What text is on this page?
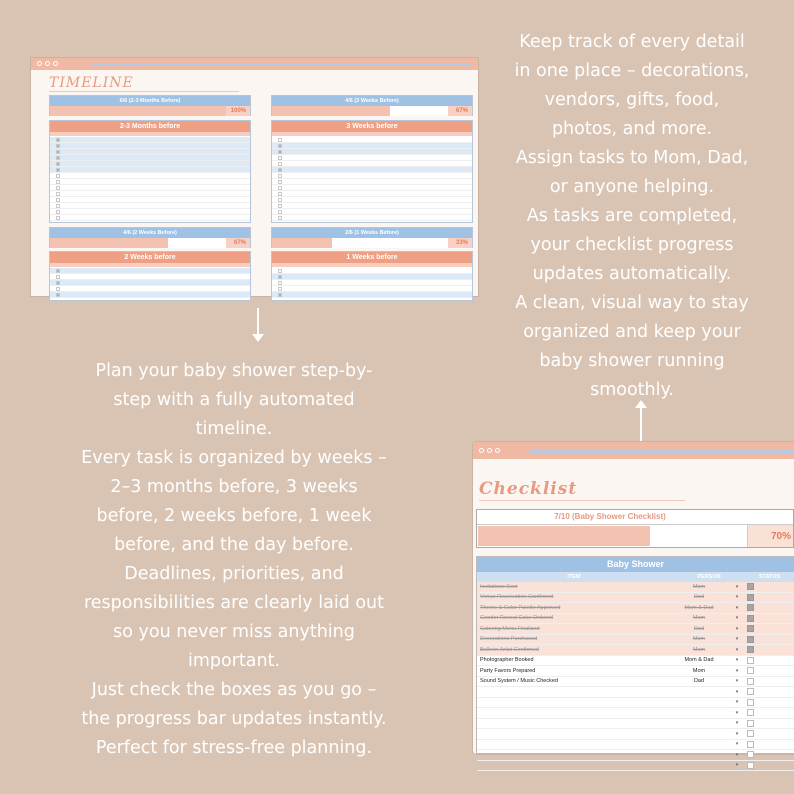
TIMELINE
6/6 (2-3 Months Before)
100%
2-3 Months before
4/6 (2 Weeks Before)
67%
2 Weeks before
4/6 (3 Weeks Before)
67%
3 Weeks before
2/6 (1 Weeks Before)
33%
1 Weeks before
Keep track of every detail
in one place – decorations,
vendors, gifts, food,
photos, and more.
Assign tasks to Mom, Dad,
or anyone helping.
As tasks are completed,
your checklist progress
updates automatically.
A clean, visual way to stay
organized and keep your
baby shower running
smoothly.
Plan your baby shower step-by-
step with a fully automated
timeline.
Every task is organized by weeks –
2–3 months before, 3 weeks
before, 2 weeks before, 1 week
before, and the day before.
Deadlines, priorities, and
responsibilities are clearly laid out
so you never miss anything
important.
Just check the boxes as you go –
the progress bar updates instantly.
Perfect for stress-free planning.
Checklist
7/10 (Baby Shower Checklist)
70%
Baby Shower
ITEM	PERSON	STATUS
Invitations Sent	Mom	▾
Venue Reservation Confirmed	Dad	▾
Theme & Color Palette Approved	Mom & Dad	▾
Gender Reveal Cake Ordered	Mom	▾
Catering Menu Finalized	Dad	▾
Decorations Purchased	Mom	▾
Balloon Artist Confirmed	Mom	▾
Photographer Booked	Mom & Dad	▾
Party Favors Prepared	Mom	▾
Sound System / Music Checked	Dad	▾
▾
▾
▾
▾
▾
▾
▾
▾
